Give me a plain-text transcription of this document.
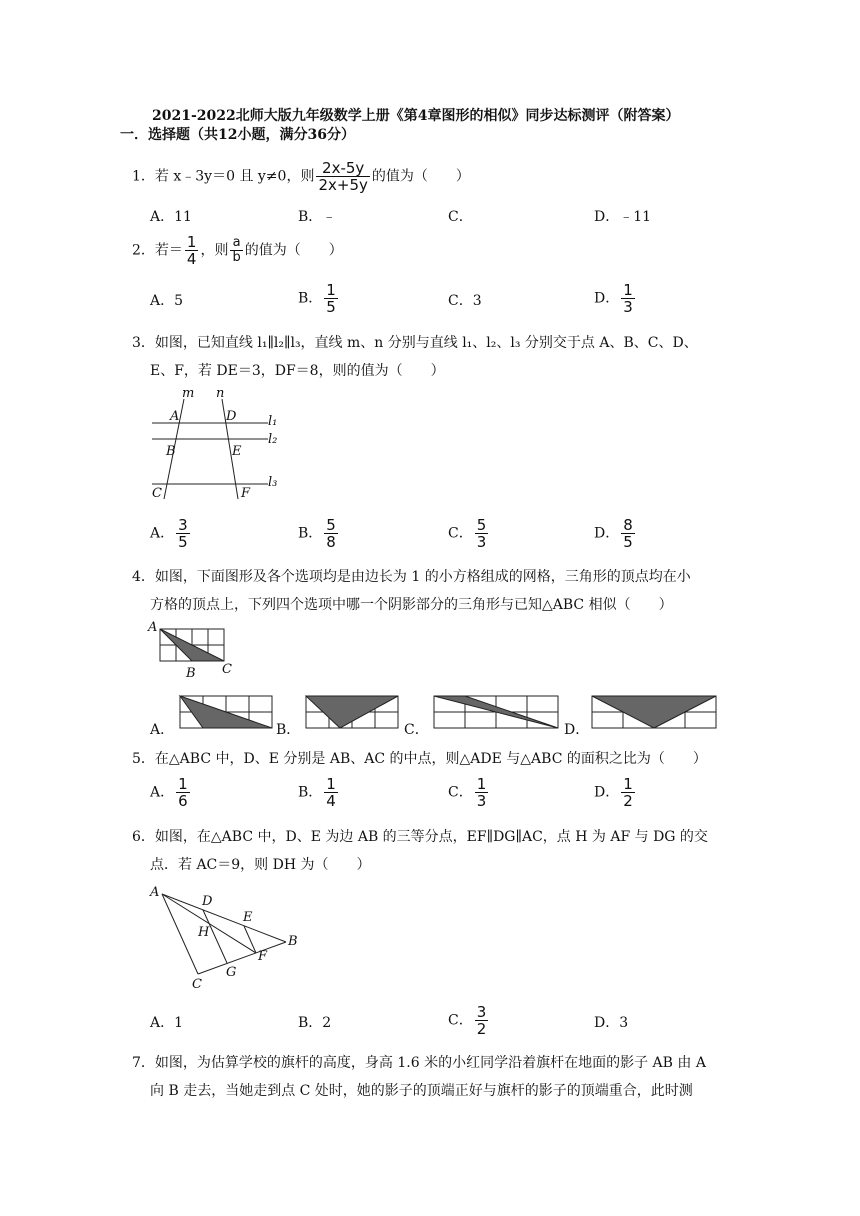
2021-2022北师大版九年级数学上册《第4章图形的相似》同步达标测评（附答案）
一．选择题（共12小题，满分36分）
1．若 x﹣3y＝0 且 y≠0，则 $\frac{2x-5y}{2x+5y}$ 的值为（　　）
A．11	B．﹣	C．	D．﹣11
2．若＝ $\frac{1}{4}$ ，则 $\frac{a}{b}$ 的值为（　　）
A．5	B． $\frac{1}{5}$	C．3	D． $\frac{1}{3}$
3．如图，已知直线 l₁∥l₂∥l₃，直线 m、n 分别与直线 l₁、l₂、l₃ 分别交于点 A、B、C、D、
E、F，若 DE＝3，DF＝8，则的值为（　　）
m n
A	D
B	E
C	F
l₁
l₂
l₃
A． $\frac{3}{5}$	B． $\frac{5}{8}$	C． $\frac{5}{3}$	D． $\frac{8}{5}$
4．如图，下面图形及各个选项均是由边长为 1 的小方格组成的网格，三角形的顶点均在小
方格的顶点上，下列四个选项中哪一个阴影部分的三角形与已知△ABC 相似（　　）
A
B C
A．	B．	C．	D．
5．在△ABC 中，D、E 分别是 AB、AC 的中点，则△ADE 与△ABC 的面积之比为（　　）
A． $\frac{1}{6}$	B． $\frac{1}{4}$	C． $\frac{1}{3}$	D． $\frac{1}{2}$
6．如图，在△ABC 中，D、E 为边 AB 的三等分点，EF∥DG∥AC，点 H 为 AF 与 DG 的交
点．若 AC＝9，则 DH 为（　　）
A
D
E
H
B
F
G
C
A．1	B．2	C． $\frac{3}{2}$	D．3
7．如图，为估算学校的旗杆的高度，身高 1.6 米的小红同学沿着旗杆在地面的影子 AB 由 A
向 B 走去，当她走到点 C 处时，她的影子的顶端正好与旗杆的影子的顶端重合，此时测
